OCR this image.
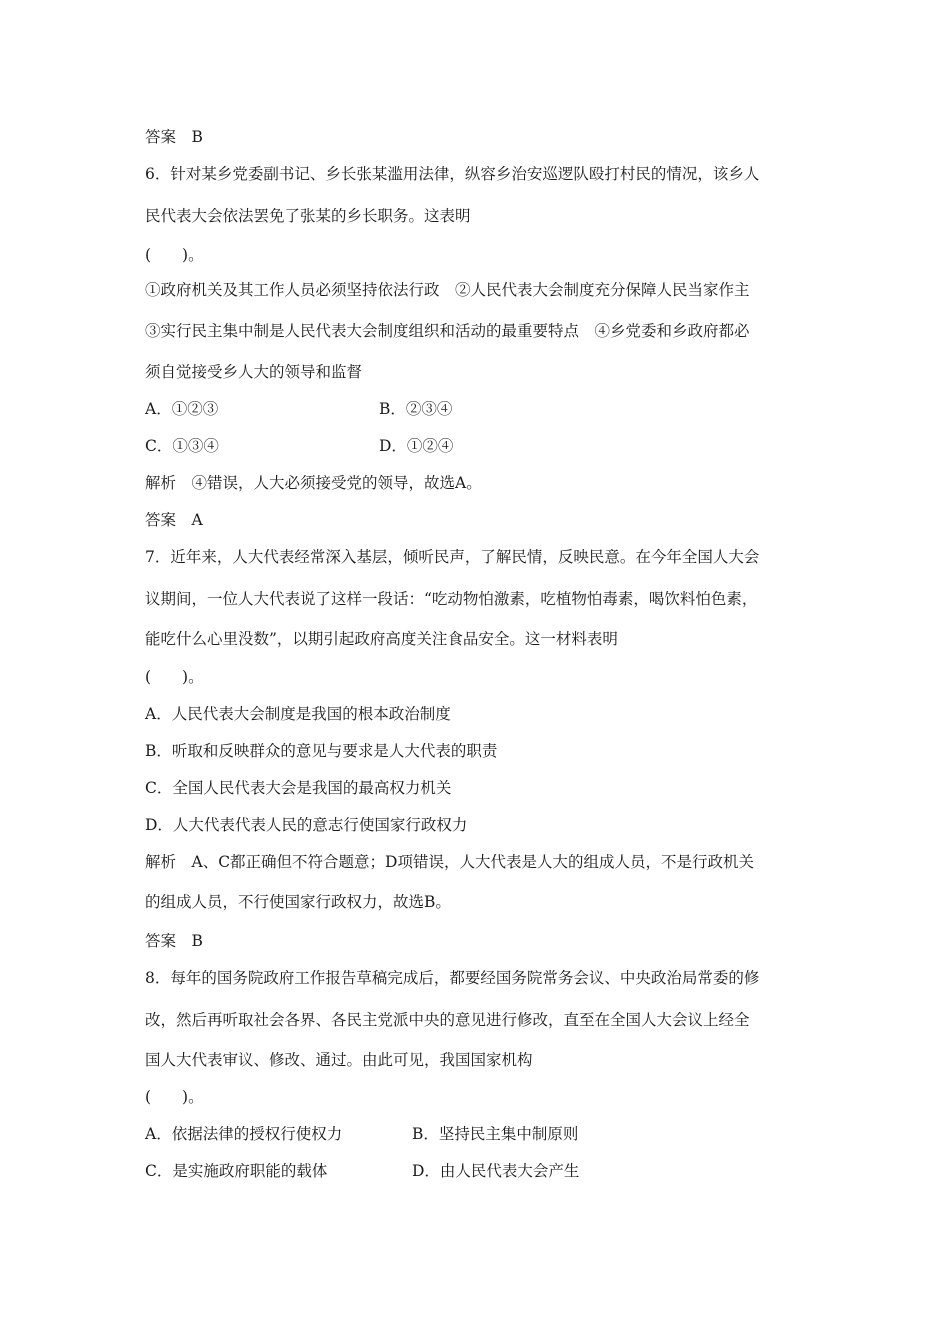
答案　B
6．针对某乡党委副书记、乡长张某滥用法律，纵容乡治安巡逻队殴打村民的情况，该乡人
民代表大会依法罢免了张某的乡长职务。这表明
(　　)。
①政府机关及其工作人员必须坚持依法行政　②人民代表大会制度充分保障人民当家作主
③实行民主集中制是人民代表大会制度组织和活动的最重要特点　④乡党委和乡政府都必
须自觉接受乡人大的领导和监督
A．①②③	B．②③④
C．①③④	D．①②④
解析　④错误，人大必须接受党的领导，故选A。
答案　A
7．近年来，人大代表经常深入基层，倾听民声，了解民情，反映民意。在今年全国人大会
议期间，一位人大代表说了这样一段话：“吃动物怕激素，吃植物怕毒素，喝饮料怕色素，
能吃什么心里没数”，以期引起政府高度关注食品安全。这一材料表明
(　　)。
A．人民代表大会制度是我国的根本政治制度
B．听取和反映群众的意见与要求是人大代表的职责
C．全国人民代表大会是我国的最高权力机关
D．人大代表代表人民的意志行使国家行政权力
解析　A、C都正确但不符合题意；D项错误，人大代表是人大的组成人员，不是行政机关
的组成人员，不行使国家行政权力，故选B。
答案　B
8．每年的国务院政府工作报告草稿完成后，都要经国务院常务会议、中央政治局常委的修
改，然后再听取社会各界、各民主党派中央的意见进行修改，直至在全国人大会议上经全
国人大代表审议、修改、通过。由此可见，我国国家机构
(　　)。
A．依据法律的授权行使权力	B．坚持民主集中制原则
C．是实施政府职能的载体	D．由人民代表大会产生
